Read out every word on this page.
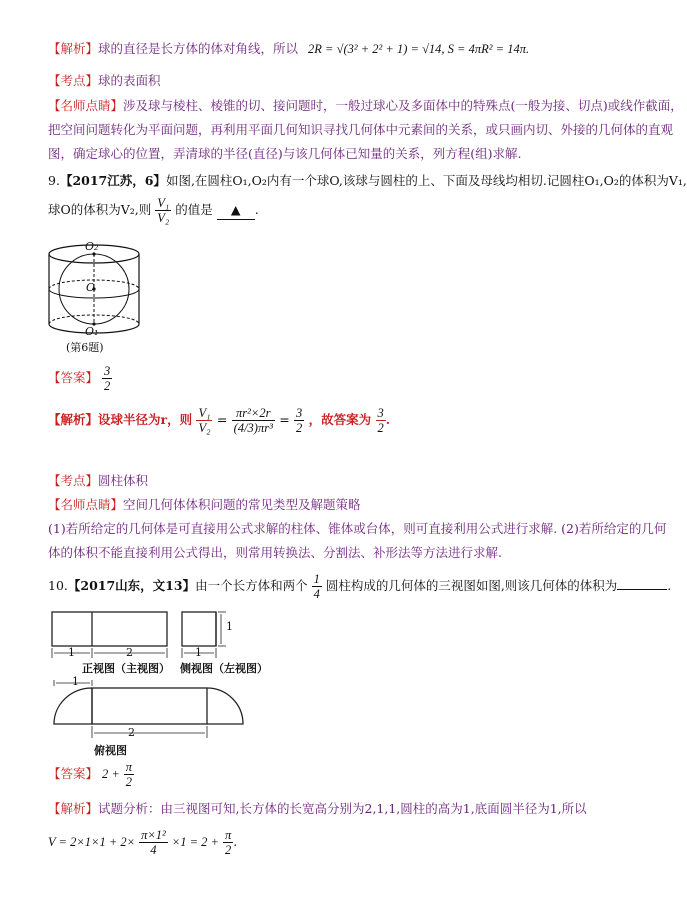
【解析】球的直径是长方体的体对角线，所以 2R = √(3² + 2² + 1) = √14, S = 4πR² = 14π.
【考点】球的表面积
【名师点睛】涉及球与棱柱、棱锥的切、接问题时，一般过球心及多面体中的特殊点(一般为接、切点)或线作截面，
把空间问题转化为平面问题，再利用平面几何知识寻找几何体中元素间的关系，或只画内切、外接的几何体的直观
图，确定球心的位置，弄清球的半径(直径)与该几何体已知量的关系，列方程(组)求解.
9.【2017江苏，6】如图,在圆柱O₁,O₂内有一个球O,该球与圆柱的上、下面及母线均相切.记圆柱O₁,O₂的体积为V₁,
球O的体积为V₂,则 $\frac{\text{V₁}}{\text{V₂}}$ 的值是 ▲ .
O₂
O
O₁
(第6题)
【答案】 $\frac{3}{2}$
【解析】设球半径为r，则 $\frac{\text{V₁}}{\text{V₂}} = \frac{\text{πr²×2r}}{\text{(4/3)πr³}} = \frac{3}{2}$ ，故答案为 $\frac{3}{2}$ .
【考点】圆柱体积
【名师点睛】空间几何体体积问题的常见类型及解题策略
(1)若所给定的几何体是可直接用公式求解的柱体、锥体或台体，则可直接利用公式进行求解. (2)若所给定的几何
体的体积不能直接利用公式得出，则常用转换法、分割法、补形法等方法进行求解.
10.【2017山东，文13】由一个长方体和两个 $\frac{1}{4}$ 圆柱构成的几何体的三视图如图,则该几何体的体积为	.
1	2	1
1
1
2
正视图（主视图） 侧视图（左视图）
俯视图
【答案】 $2 + \frac{\pi}{2}$
【解析】试题分析：由三视图可知,长方体的长宽高分别为2,1,1,圆柱的高为1,底面圆半径为1,所以
$V = 2\times 1\times 1 + 2\times \frac{\text{π×1²}}{4} \times 1 = 2 + \frac{\pi}{2}$ .
